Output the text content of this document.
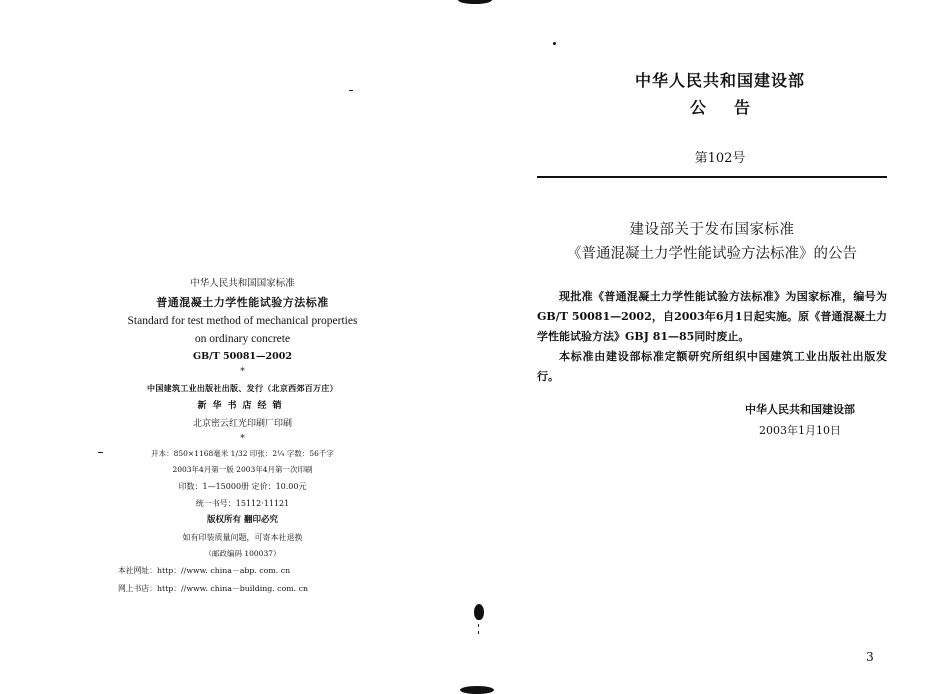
中华人民共和国国家标准
普通混凝土力学性能试验方法标准
Standard for test method of mechanical properties
on ordinary concrete
GB/T 50081—2002
*
中国建筑工业出版社出版、发行（北京西郊百万庄）
新华书店经销
北京密云红光印刷厂印刷
*
开本：850×1168毫米 1/32 印张：2¼ 字数：56千字
2003年4月第一版 2003年4月第一次印刷
印数：1—15000册 定价：10.00元
统一书号：15112·11121
版权所有 翻印必究
如有印装质量问题，可寄本社退换
（邮政编码 100037）
本社网址：http：//www. china－abp. com. cn
网上书店：http：//www. china－building. com. cn
中华人民共和国建设部
公告
第102号
建设部关于发布国家标准
《普通混凝土力学性能试验方法标准》的公告

现批准《普通混凝土力学性能试验方法标准》为国家标准，编号为GB/T 50081—2002，自2003年6月1日起实施。原《普通混凝土力学性能试验方法》GBJ 81—85同时废止。

本标准由建设部标准定额研究所组织中国建筑工业出版社出版发行。

中华人民共和国建设部
2003年1月10日
3
